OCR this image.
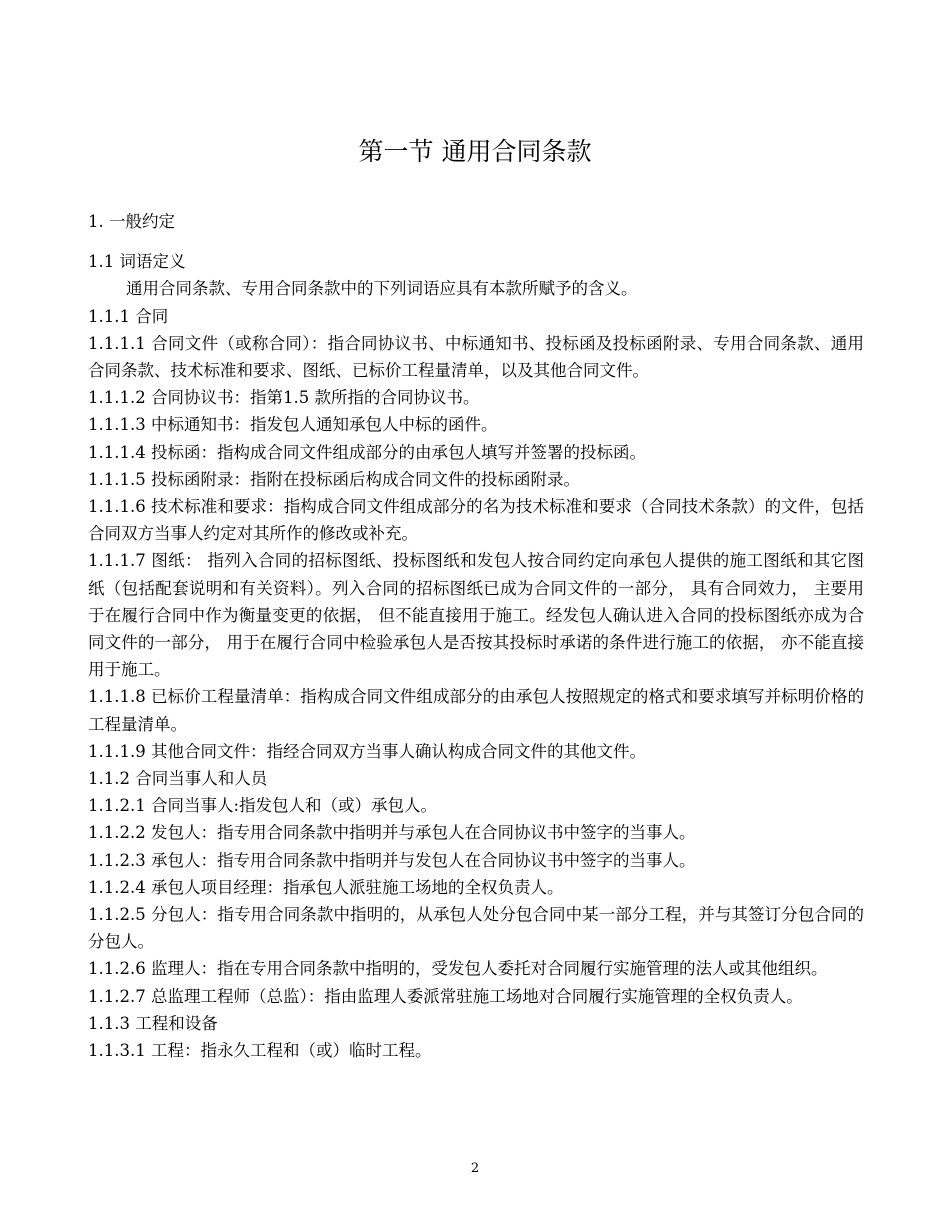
第一节 通用合同条款

1. 一般约定

1.1 词语定义

通用合同条款、专用合同条款中的下列词语应具有本款所赋予的含义。

1.1.1 合同

1.1.1.1 合同文件（或称合同）：指合同协议书、中标通知书、投标函及投标函附录、专用合同条款、通用合同条款、技术标准和要求、图纸、已标价工程量清单，以及其他合同文件。

1.1.1.2 合同协议书：指第1.5 款所指的合同协议书。

1.1.1.3 中标通知书：指发包人通知承包人中标的函件。

1.1.1.4 投标函：指构成合同文件组成部分的由承包人填写并签署的投标函。

1.1.1.5 投标函附录：指附在投标函后构成合同文件的投标函附录。

1.1.1.6 技术标准和要求：指构成合同文件组成部分的名为技术标准和要求（合同技术条款）的文件，包括合同双方当事人约定对其所作的修改或补充。

1.1.1.7 图纸： 指列入合同的招标图纸、投标图纸和发包人按合同约定向承包人提供的施工图纸和其它图纸（包括配套说明和有关资料）。列入合同的招标图纸已成为合同文件的一部分， 具有合同效力， 主要用于在履行合同中作为衡量变更的依据， 但不能直接用于施工。经发包人确认进入合同的投标图纸亦成为合同文件的一部分， 用于在履行合同中检验承包人是否按其投标时承诺的条件进行施工的依据， 亦不能直接用于施工。

1.1.1.8 已标价工程量清单：指构成合同文件组成部分的由承包人按照规定的格式和要求填写并标明价格的工程量清单。

1.1.1.9 其他合同文件：指经合同双方当事人确认构成合同文件的其他文件。

1.1.2 合同当事人和人员

1.1.2.1 合同当事人:指发包人和（或）承包人。

1.1.2.2 发包人：指专用合同条款中指明并与承包人在合同协议书中签字的当事人。

1.1.2.3 承包人：指专用合同条款中指明并与发包人在合同协议书中签字的当事人。

1.1.2.4 承包人项目经理：指承包人派驻施工场地的全权负责人。

1.1.2.5 分包人：指专用合同条款中指明的，从承包人处分包合同中某一部分工程，并与其签订分包合同的分包人。

1.1.2.6 监理人：指在专用合同条款中指明的，受发包人委托对合同履行实施管理的法人或其他组织。

1.1.2.7 总监理工程师（总监）：指由监理人委派常驻施工场地对合同履行实施管理的全权负责人。

1.1.3 工程和设备

1.1.3.1 工程：指永久工程和（或）临时工程。

2
